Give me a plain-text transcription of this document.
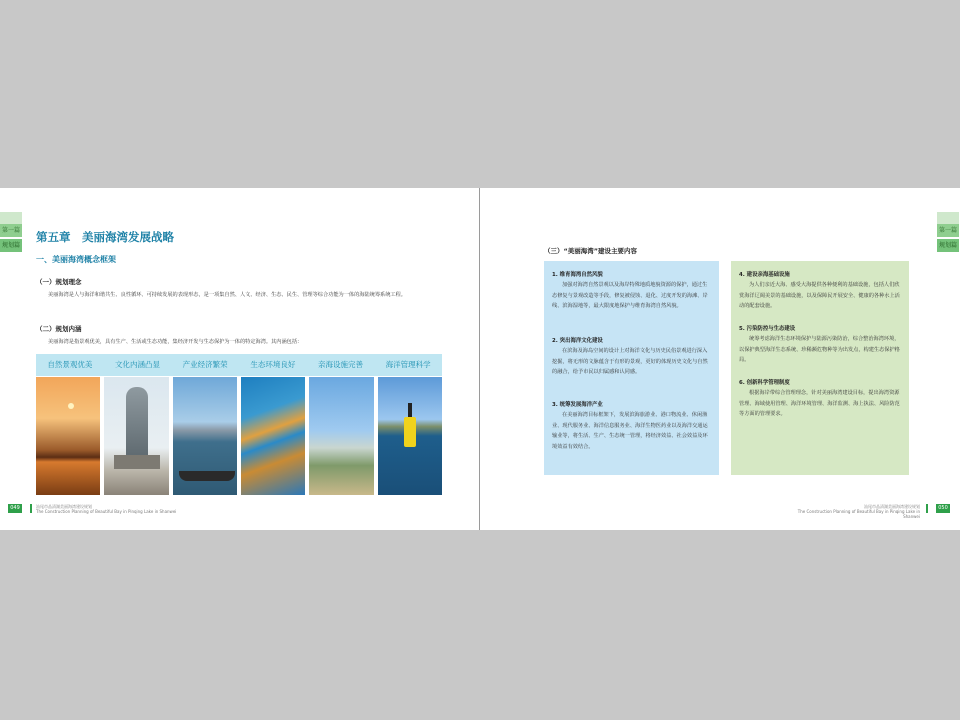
第一篇
规划篇
第五章　美丽海湾发展战略
一、美丽海湾概念框架
（一）规划理念

美丽海湾是人与海洋和谐共生、良性循环、可持续发展的表现形态，是一项集自然、人文、经济、生态、民生、管理等综合功能为一体的海陆统筹系统工程。

（二）规划内涵

美丽海湾是指景观优美，具有生产、生活或生态功能，集经济开发与生态保护为一体的特定海湾。其内涵包括：

自然景观优美	文化内涵凸显	产业经济繁荣	生态环境良好	亲海设施完善	海洋管理科学
049	汕尾市品清湖美丽海湾建设规划
The Construction Planning of Beautiful Bay in Pinqing Lake in Shanwei
第一篇
规划篇
（三）“美丽海湾”建设主要内容

1. 维育海湾自然风貌

加强对海湾自然景观以及海岸特殊地质地貌资源的保护，通过生态修复与景观改造等手段，修复被侵蚀、退化、过度开发的海滩、岸线、滨海湿地等，最大限度地保护与维育海湾自然风貌。

2. 突出海洋文化建设

在滨海及海岛空间的设计上对海洋文化与历史民俗景观进行深入挖掘，将无形的文脉蕴含于有形的景观，更好的体现历史文化与自然的融合，给予市民以归属感和认同感。

3. 统筹发展海洋产业

在美丽海湾目标框架下，发展滨海旅游业、港口物流业、休闲渔业、现代服务业、海洋信息服务业、海洋生物医药业以及海洋交通运输业等，将生活、生产、生态统一管理，将经济效益、社会效益及环境效益有效结合。

4. 建设亲海基础设施

为人们亲近大海、感受大海提供各种便利的基础设施，包括人们欣赏海洋辽阔美景的基础设施，以及保障民开展安全、健康的各种水上活动的配套设施。

5. 污染防控与生态建设

统筹考虑海洋生态环境保护与陆源污染防治，综合整治海湾环境，以保护典型海洋生态系统、珍稀濒危物种等为出发点，构建生态保护格局。

6. 创新科学管理制度

根据海岸带综合管理理念，针对美丽海湾建设目标，提出海湾资源管理、海域使用管理、海洋环境管理、海洋监测、海上执法、风险防范等方面的管理要求。

汕尾市品清湖美丽海湾建设规划
The Construction Planning of Beautiful Bay in Pinqing Lake in Shanwei
050
